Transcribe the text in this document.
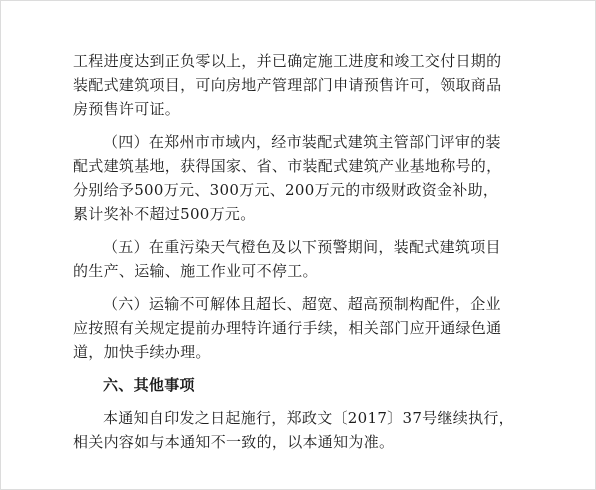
工程进度达到正负零以上，并已确定施工进度和竣工交付日期的
装配式建筑项目，可向房地产管理部门申请预售许可，领取商品
房预售许可证。
（四）在郑州市市域内，经市装配式建筑主管部门评审的装
配式建筑基地，获得国家、省、市装配式建筑产业基地称号的，
分别给予500万元、300万元、200万元的市级财政资金补助，
累计奖补不超过500万元。
（五）在重污染天气橙色及以下预警期间，装配式建筑项目
的生产、运输、施工作业可不停工。
（六）运输不可解体且超长、超宽、超高预制构配件，企业
应按照有关规定提前办理特许通行手续，相关部门应开通绿色通
道，加快手续办理。
六、其他事项
本通知自印发之日起施行，郑政文〔2017〕37号继续执行，
相关内容如与本通知不一致的，以本通知为准。
